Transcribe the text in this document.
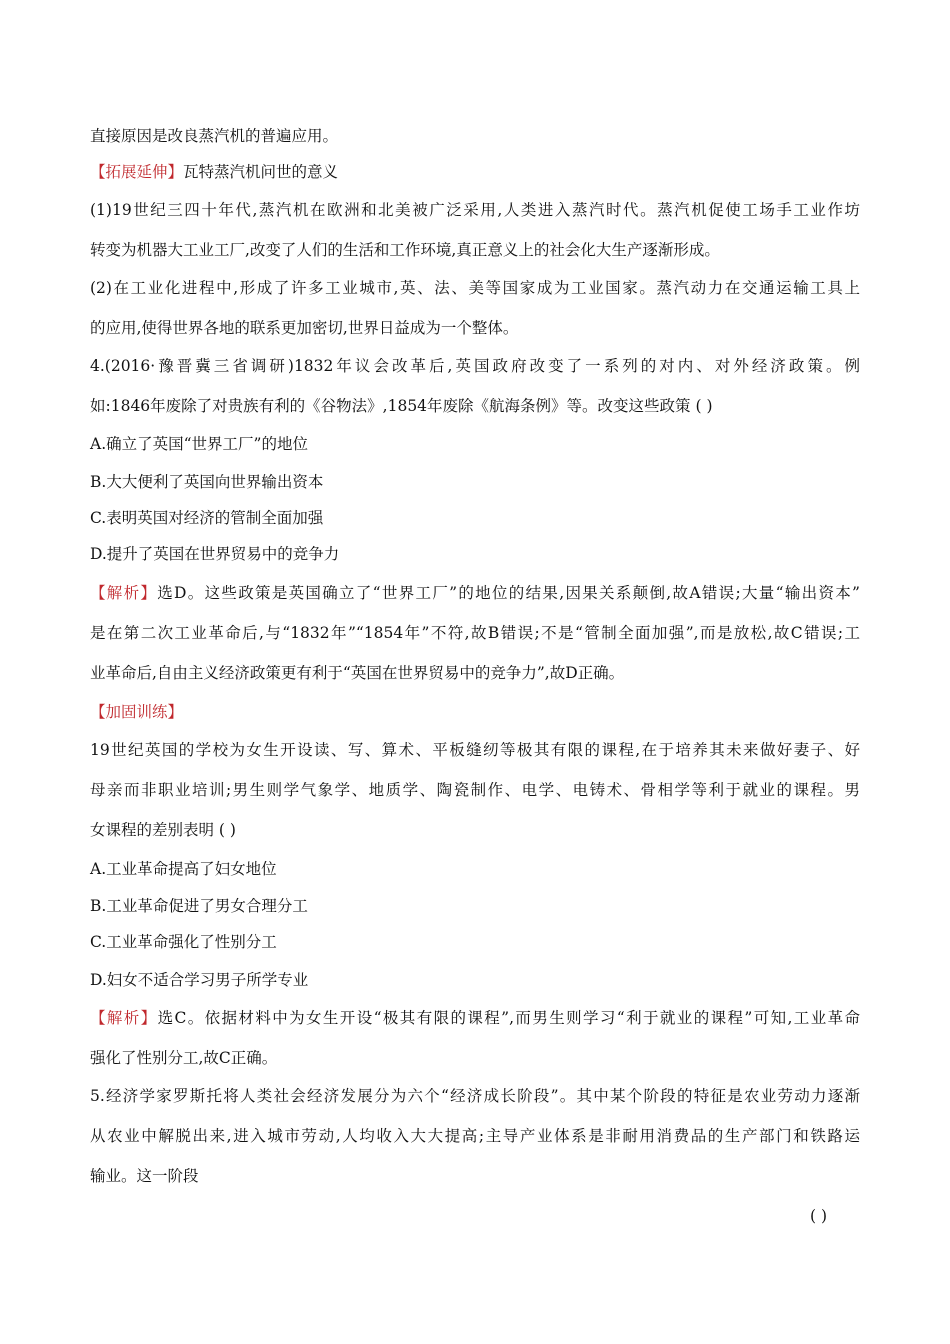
直接原因是改良蒸汽机的普遍应用。
【拓展延伸】瓦特蒸汽机问世的意义
(1)19世纪三四十年代,蒸汽机在欧洲和北美被广泛采用,人类进入蒸汽时代。蒸汽机促使工场手工业作坊
转变为机器大工业工厂,改变了人们的生活和工作环境,真正意义上的社会化大生产逐渐形成。
(2)在工业化进程中,形成了许多工业城市,英、法、美等国家成为工业国家。蒸汽动力在交通运输工具上
的应用,使得世界各地的联系更加密切,世界日益成为一个整体。
4.(2016·豫晋冀三省调研)1832年议会改革后,英国政府改变了一系列的对内、对外经济政策。例
如:1846年废除了对贵族有利的《谷物法》,1854年废除《航海条例》等。改变这些政策 ( )
A.确立了英国“世界工厂”的地位
B.大大便利了英国向世界输出资本
C.表明英国对经济的管制全面加强
D.提升了英国在世界贸易中的竞争力
【解析】选D。这些政策是英国确立了“世界工厂”的地位的结果,因果关系颠倒,故A错误;大量“输出资本”
是在第二次工业革命后,与“1832年”“1854年”不符,故B错误;不是“管制全面加强”,而是放松,故C错误;工
业革命后,自由主义经济政策更有利于“英国在世界贸易中的竞争力”,故D正确。
【加固训练】
19世纪英国的学校为女生开设读、写、算术、平板缝纫等极其有限的课程,在于培养其未来做好妻子、好
母亲而非职业培训;男生则学气象学、地质学、陶瓷制作、电学、电铸术、骨相学等利于就业的课程。男
女课程的差别表明 ( )
A.工业革命提高了妇女地位
B.工业革命促进了男女合理分工
C.工业革命强化了性别分工
D.妇女不适合学习男子所学专业
【解析】选C。依据材料中为女生开设“极其有限的课程”,而男生则学习“利于就业的课程”可知,工业革命
强化了性别分工,故C正确。
5.经济学家罗斯托将人类社会经济发展分为六个“经济成长阶段”。其中某个阶段的特征是农业劳动力逐渐
从农业中解脱出来,进入城市劳动,人均收入大大提高;主导产业体系是非耐用消费品的生产部门和铁路运
输业。这一阶段
( )
